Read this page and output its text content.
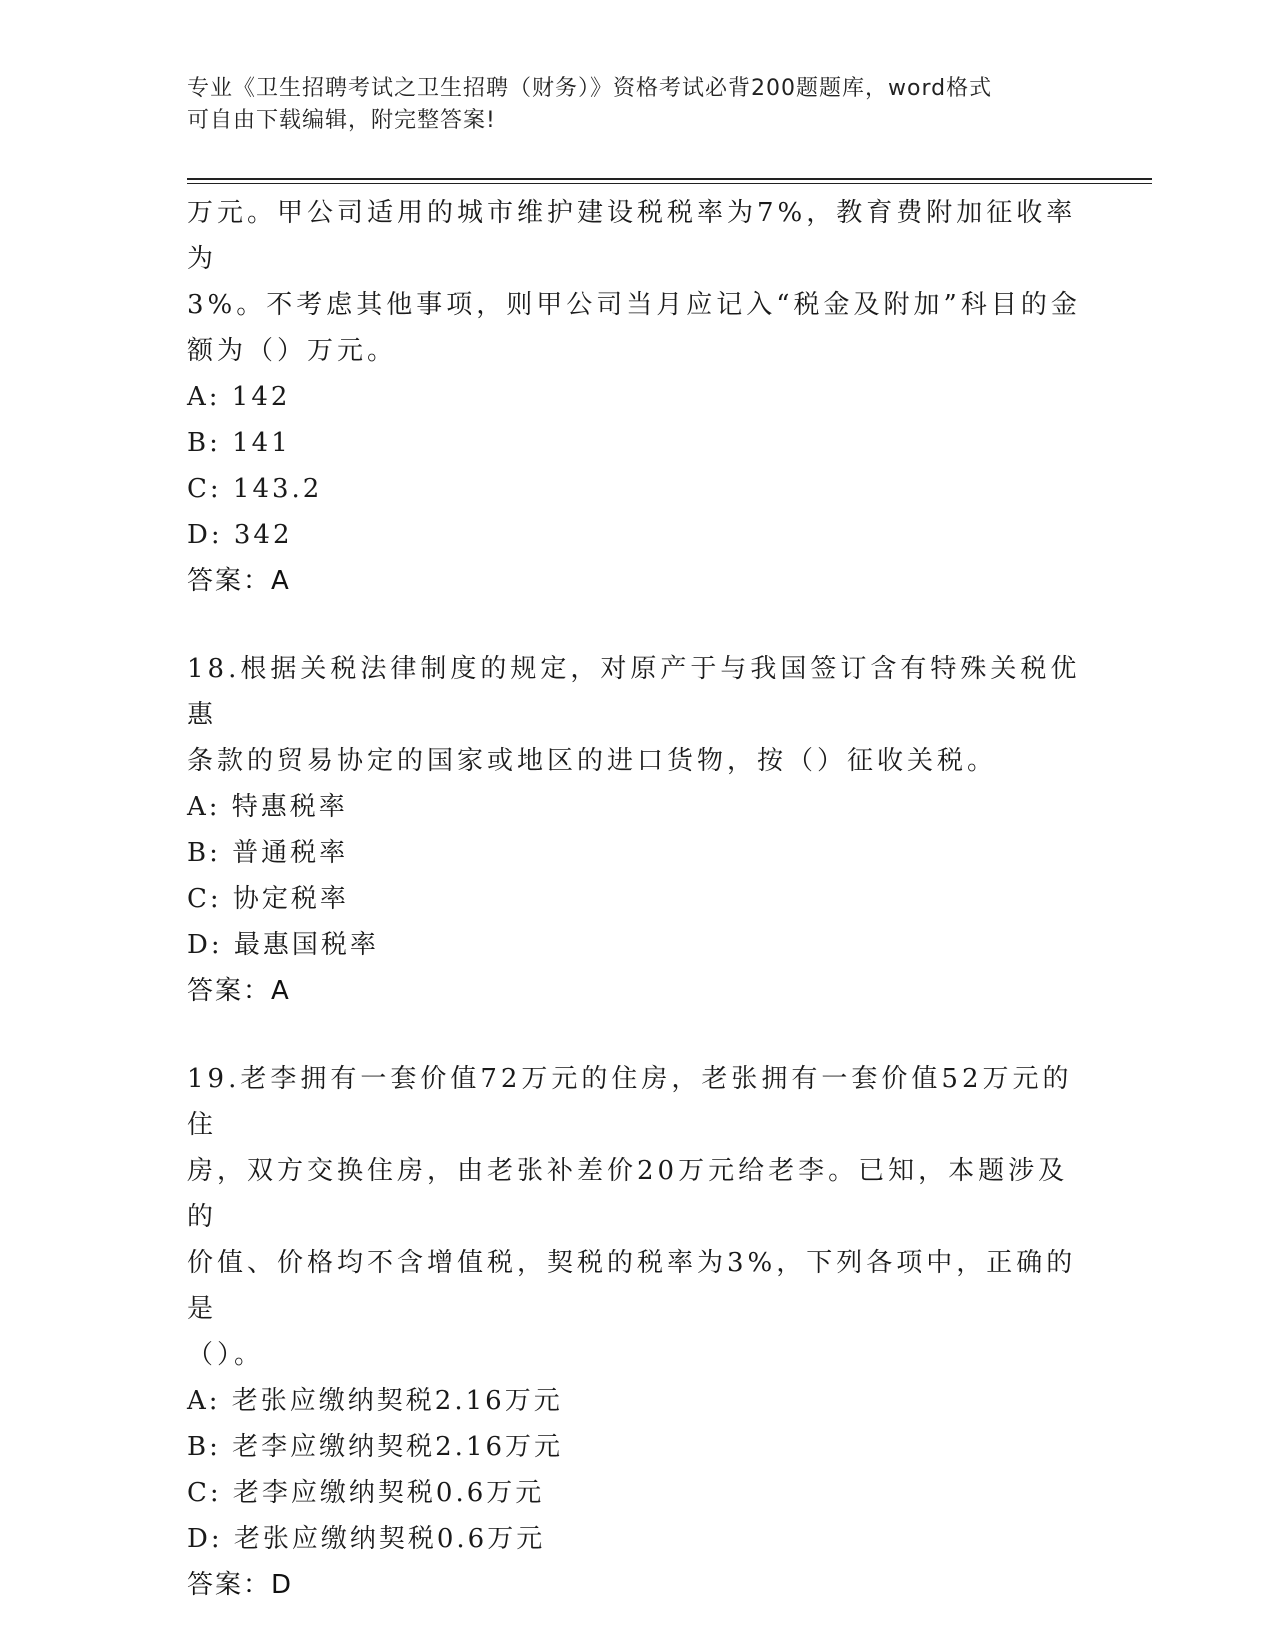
专业《卫生招聘考试之卫生招聘（财务）》资格考试必背200题题库，word格式
可自由下载编辑，附完整答案!

万元。甲公司适用的城市维护建设税税率为7%，教育费附加征收率为

3%。不考虑其他事项，则甲公司当月应记入“税金及附加”科目的金

额为（）万元。

A: 142

B: 141

C: 143.2

D: 342

答案：A

18.根据关税法律制度的规定，对原产于与我国签订含有特殊关税优惠

条款的贸易协定的国家或地区的进口货物，按（）征收关税。

A: 特惠税率

B: 普通税率

C: 协定税率

D: 最惠国税率

答案：A

19.老李拥有一套价值72万元的住房，老张拥有一套价值52万元的住

房，双方交换住房，由老张补差价20万元给老李。已知，本题涉及的

价值、价格均不含增值税，契税的税率为3%，下列各项中，正确的是

（）。

A: 老张应缴纳契税2.16万元

B: 老李应缴纳契税2.16万元

C: 老李应缴纳契税0.6万元

D: 老张应缴纳契税0.6万元

答案：D
